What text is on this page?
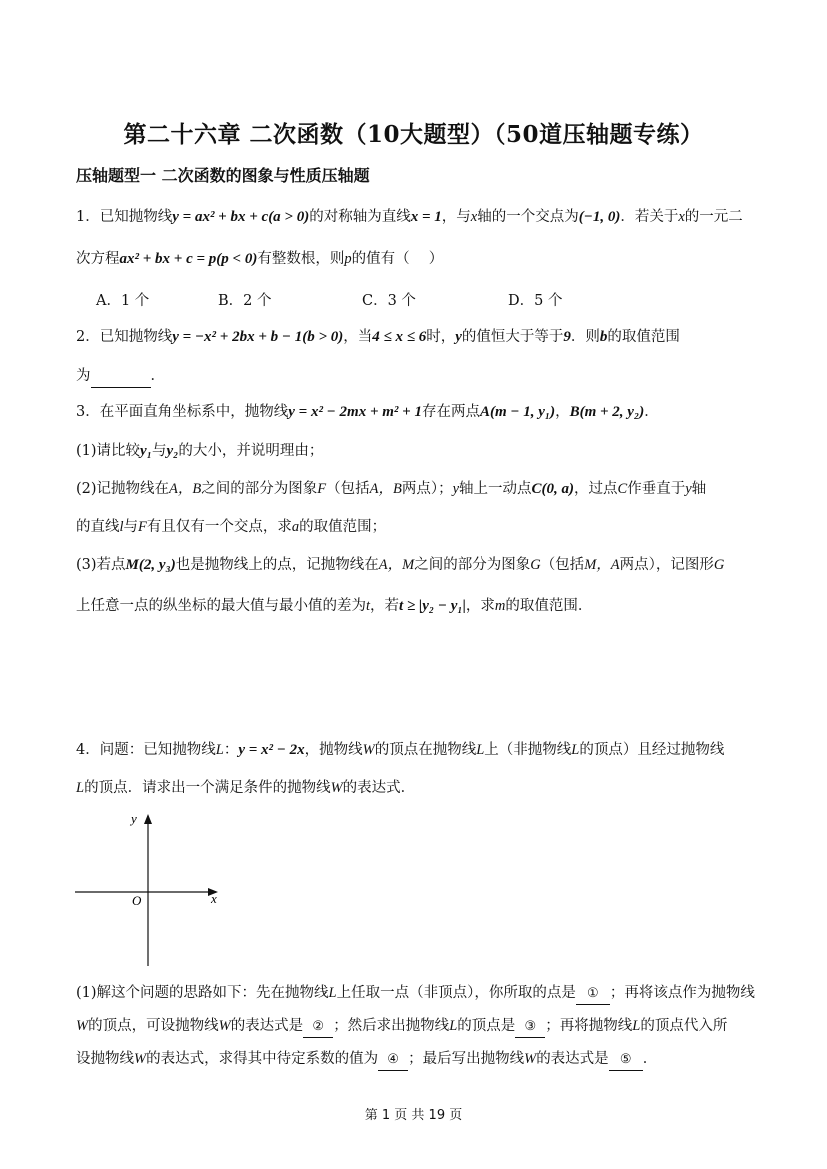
第二十六章 二次函数（10大题型）（50道压轴题专练）
压轴题型一 二次函数的图象与性质压轴题
1．已知抛物线y = ax² + bx + c(a > 0)的对称轴为直线x = 1，与x轴的一个交点为(−1, 0)．若关于x的一元二
次方程ax² + bx + c = p(p < 0)有整数根，则p的值有（　 ）
A．1 个	B．2 个	C．3 个	D．5 个
2．已知抛物线y = −x² + 2bx + b − 1(b > 0)，当4 ≤ x ≤ 6时，y的值恒大于等于9．则b的取值范围
为	．
3．在平面直角坐标系中，抛物线y = x² − 2mx + m² + 1存在两点A(m − 1, y₁)，B(m + 2, y₂)．
(1)请比较y₁与y₂的大小，并说明理由；
(2)记抛物线在A，B之间的部分为图象F（包括A，B两点）；y轴上一动点C(0, a)，过点C作垂直于y轴
的直线l与F有且仅有一个交点，求a的取值范围；
(3)若点M(2, y₃)也是抛物线上的点，记抛物线在A，M之间的部分为图象G（包括M，A两点），记图形G
上任意一点的纵坐标的最大值与最小值的差为t，若t ≥ |y₂ − y₁|，求m的取值范围．
4．问题：已知抛物线L：y = x² − 2x，抛物线W的顶点在抛物线L上（非抛物线L的顶点）且经过抛物线
L的顶点．请求出一个满足条件的抛物线W的表达式．
y
x
O
(1)解这个问题的思路如下：先在抛物线L上任取一点（非顶点），你所取的点是 ① ；再将该点作为抛物线
W的顶点，可设抛物线W的表达式是 ② ；然后求出抛物线L的顶点是 ③ ；再将抛物线L的顶点代入所
设抛物线W的表达式，求得其中待定系数的值为 ④ ；最后写出抛物线W的表达式是 ⑤ ．
第 1 页 共 19 页
